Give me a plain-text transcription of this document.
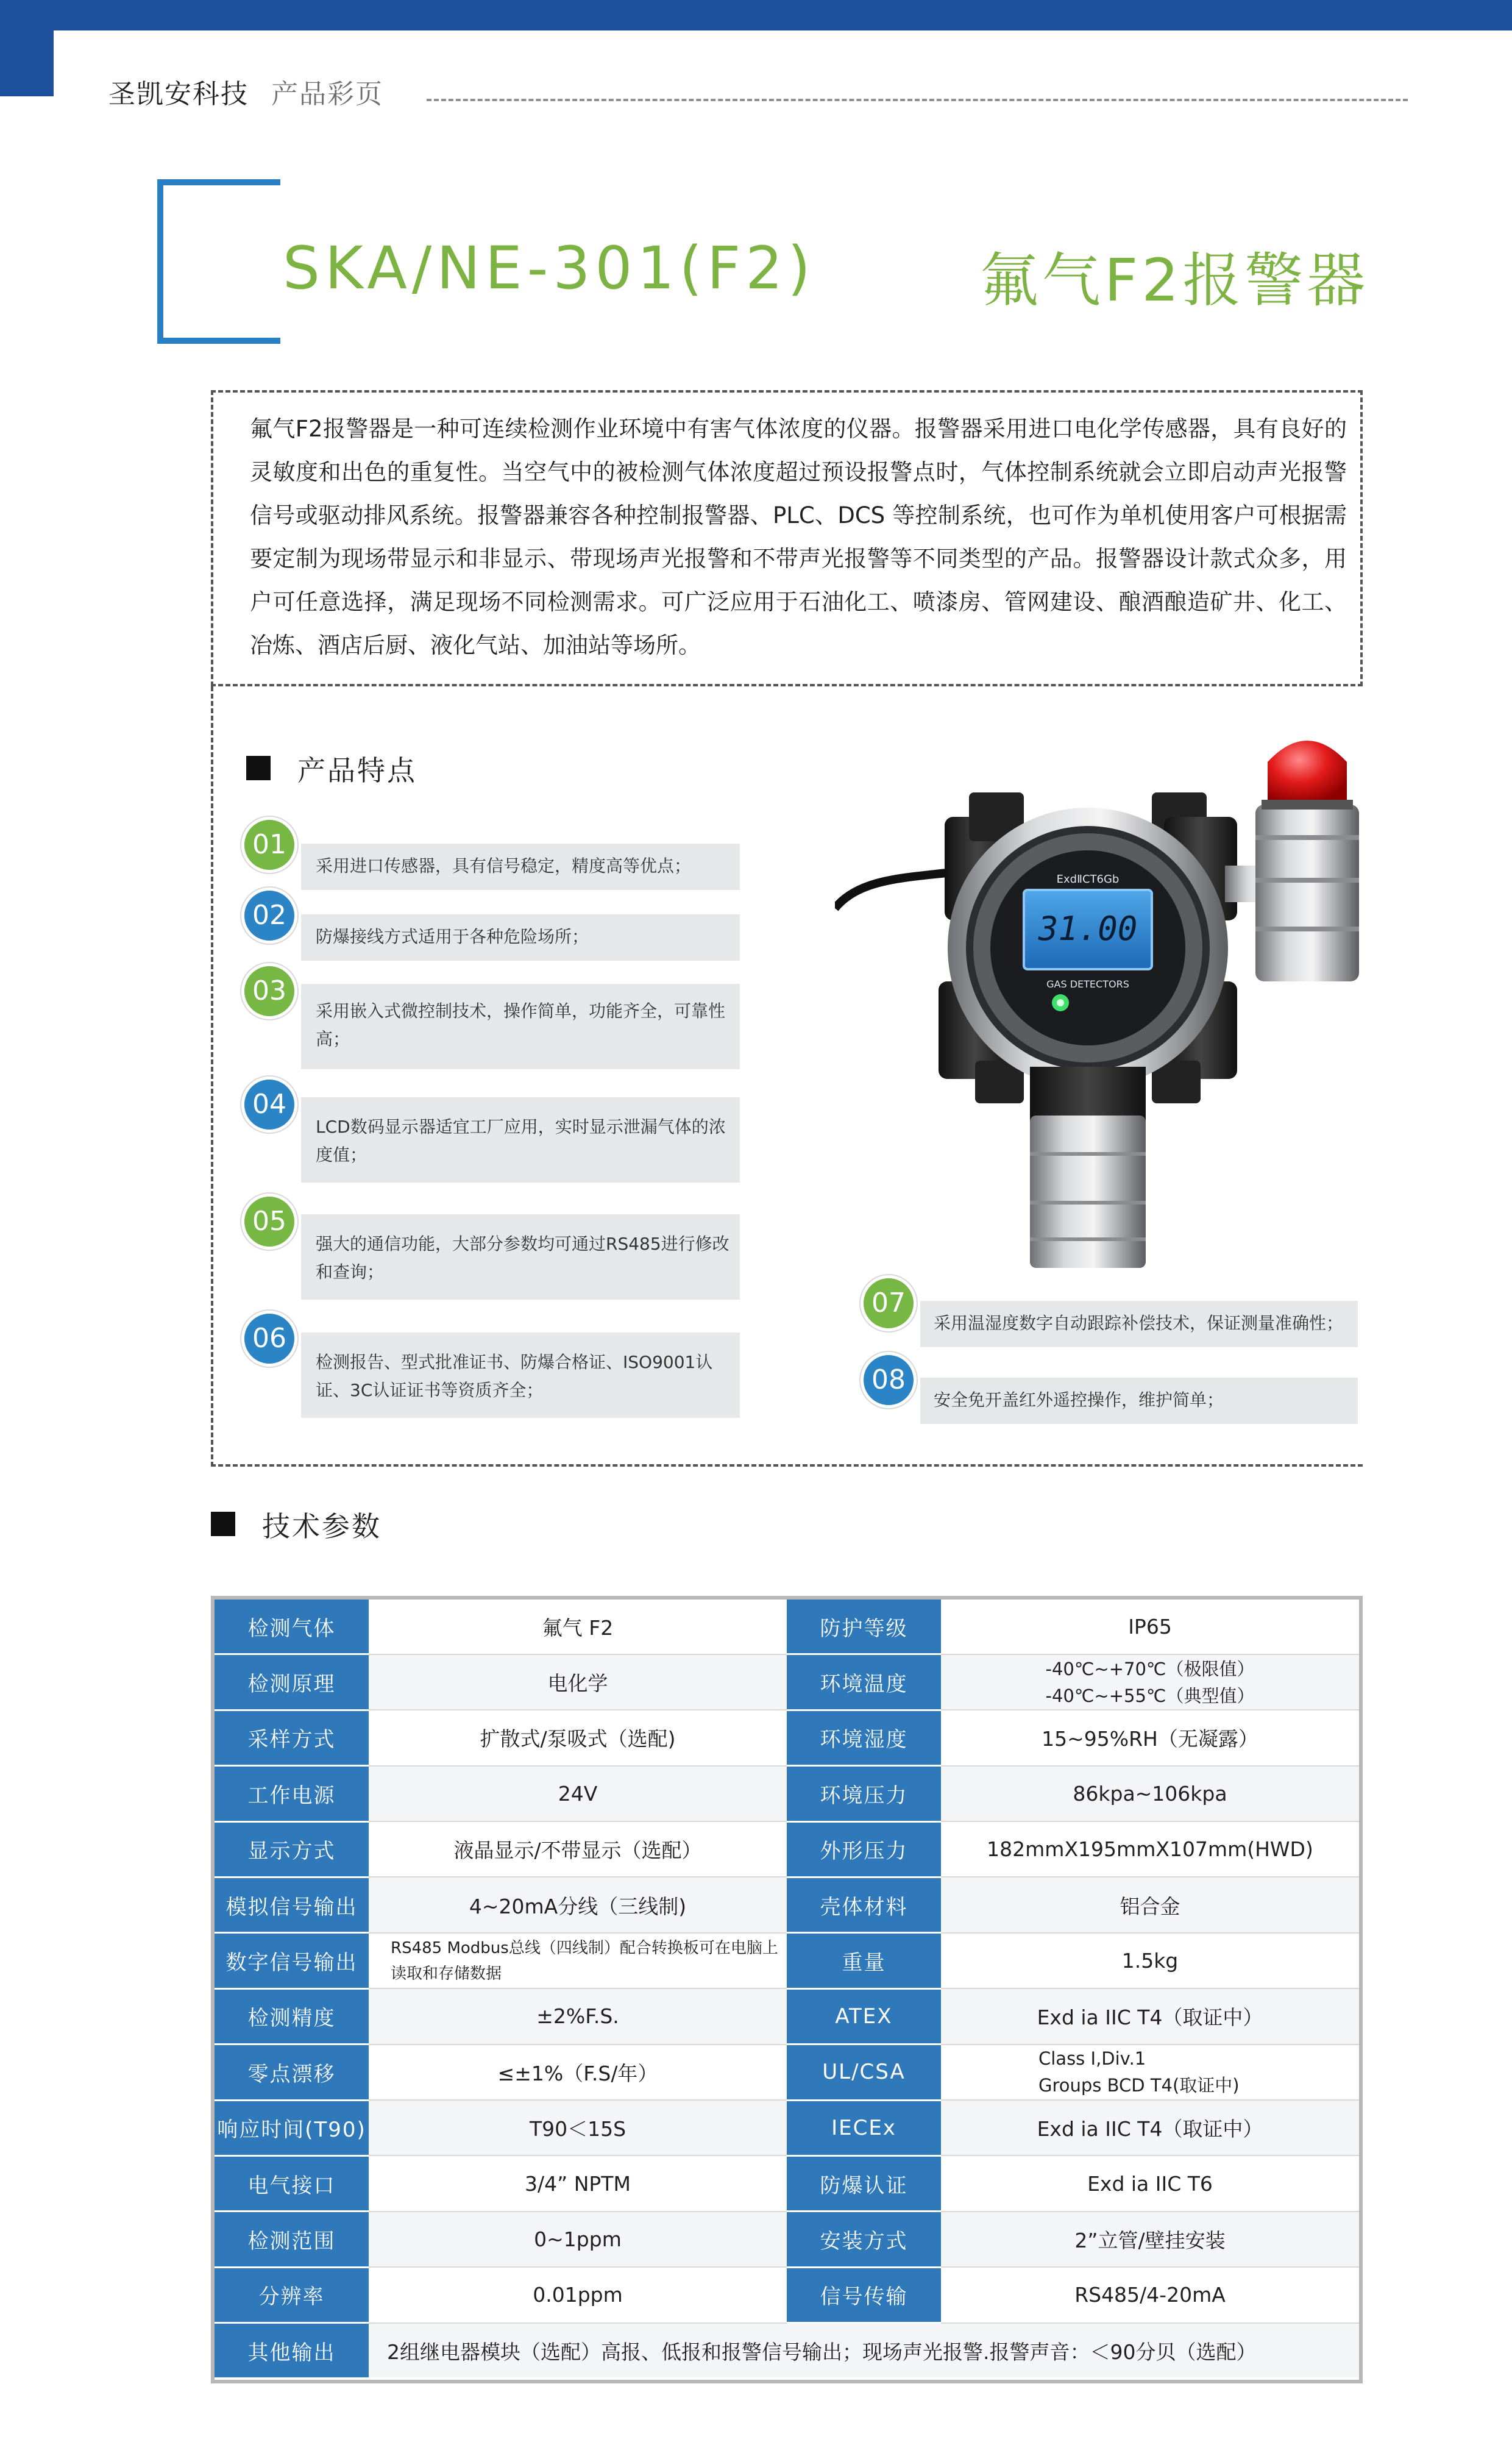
圣凯安科技 产品彩页
SKA/NE-301(F2)	氟气F2报警器
氟气F2报警器是一种可连续检测作业环境中有害气体浓度的仪器。报警器采用进口电化学传感器，具有良好的灵敏度和出色的重复性。当空气中的被检测气体浓度超过预设报警点时，气体控制系统就会立即启动声光报警信号或驱动排风系统。报警器兼容各种控制报警器、PLC、DCS 等控制系统，也可作为单机使用客户可根据需要定制为现场带显示和非显示、带现场声光报警和不带声光报警等不同类型的产品。报警器设计款式众多，用户可任意选择，满足现场不同检测需求。可广泛应用于石油化工、喷漆房、管网建设、酿酒酿造矿井、化工、冶炼、酒店后厨、液化气站、加油站等场所。
产品特点
采用进口传感器，具有信号稳定，精度高等优点；
01
防爆接线方式适用于各种危险场所；
02
采用嵌入式微控制技术，操作简单，功能齐全，可靠性高；
03
LCD数码显示器适宜工厂应用，实时显示泄漏气体的浓度值；
04
强大的通信功能，大部分参数均可通过RS485进行修改和查询；
05
检测报告、型式批准证书、防爆合格证、ISO9001认证、3C认证证书等资质齐全；
06	采用温湿度数字自动跟踪补偿技术，保证测量准确性；
07
安全免开盖红外遥控操作，维护简单；
08
31.00
ExdⅡCT6Gb
GAS DETECTORS
技术参数
检测气体	氟气 F2	防护等级	IP65
检测原理	电化学	环境温度	-40℃~+70℃（极限值）
-40℃~+55℃（典型值）
采样方式	扩散式/泵吸式（选配)	环境湿度	15~95%RH（无凝露）
工作电源	24V	环境压力	86kpa~106kpa
显示方式	液晶显示/不带显示（选配）	外形压力	182mmX195mmX107mm(HWD)
模拟信号输出	4~20mA分线（三线制)	壳体材料	铝合金
数字信号输出	RS485 Modbus总线（四线制）配合转换板可在电脑上读取和存储数据	重量	1.5kg
检测精度	±2%F.S.	ATEX	Exd ia IIC T4（取证中）
零点漂移	≤±1%（F.S/年）	UL/CSA	Class I,Div.1
Groups BCD T4(取证中)
响应时间(T90)	T90＜15S	IECEx	Exd ia IIC T4（取证中）
电气接口	3/4” NPTM	防爆认证	Exd ia IIC T6
检测范围	0~1ppm	安装方式	2”立管/壁挂安装
分辨率	0.01ppm	信号传输	RS485/4-20mA
其他输出	2组继电器模块（选配）高报、低报和报警信号输出；现场声光报警.报警声音：＜90分贝（选配）		
